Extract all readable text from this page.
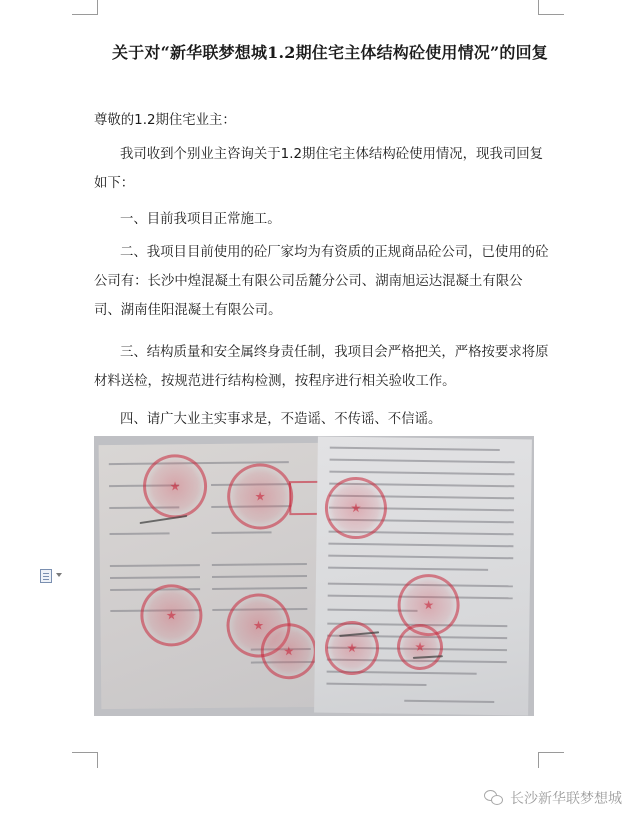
关于对“新华联梦想城1.2期住宅主体结构砼使用情况”的回复

尊敬的1.2期住宅业主：

我司收到个别业主咨询关于1.2期住宅主体结构砼使用情况，现我司回复如下：

一、目前我项目正常施工。

二、我项目目前使用的砼厂家均为有资质的正规商品砼公司，已使用的砼公司有：长沙中煌混凝土有限公司岳麓分公司、湖南旭运达混凝土有限公司、湖南佳阳混凝土有限公司。

三、结构质量和安全属终身责任制，我项目会严格把关，严格按要求将原材料送检，按规范进行结构检测，按程序进行相关验收工作。

四、请广大业主实事求是，不造谣、不传谣、不信谣。

长沙新华联梦想城
